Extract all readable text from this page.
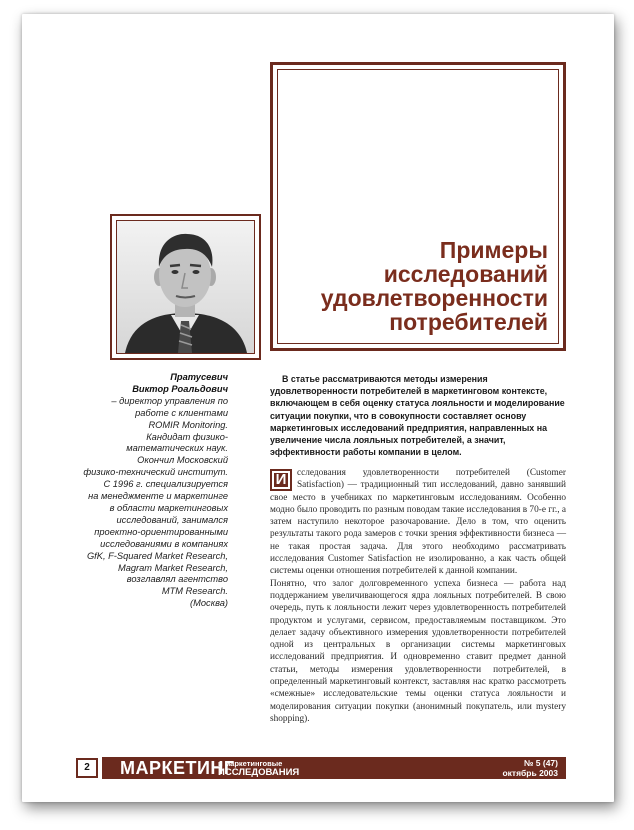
Примеры
исследований
удовлетворенности
потребителей
Пратусевич
Виктор Роальдович
– директор управления по
работе с клиентами
ROMIR Monitoring.
Кандидат физико-
математических наук.
Окончил Московский
физико-технический институт.
С 1996 г. специализируется
на менеджменте и маркетинге
в области маркетинговых
исследований, занимался
проектно-ориентированными
исследованиями в компаниях
GfK, F-Squared Market Research,
Magram Market Research,
возглавлял агентство
MTM Research.
(Москва)

В статье рассматриваются методы измерения удовлетворенности потребителей в маркетинговом контексте, включающем в себя оценку статуса лояльности и моделирование ситуации покупки, что в совокупности составляет основу маркетинговых исследований предприятия, направленных на увеличение числа лояльных потребителей, а значит, эффективности работы компании в целом.

И	сследования удовлетворенности потребителей (Customer Satisfaction) — традиционный тип исследований, давно занявший свое место в учебниках по маркетинговым исследованиям. Особенно модно было проводить по разным поводам такие исследования в 70-е гг., а затем наступило некоторое разочарование. Дело в том, что оценить результаты такого рода замеров с точки зрения эффективности бизнеса — не такая простая задача. Для этого необходимо рассматривать исследования Customer Satisfaction не изолированно, а как часть общей системы оценки отношения потребителей к данной компании.

Понятно, что залог долговременного успеха бизнеса — работа над поддержанием увеличивающегося ядра лояльных потребителей. В свою очередь, путь к лояльности лежит через удовлетворенность потребителей продуктом и услугами, сервисом, предоставляемым поставщиком. Это делает задачу объективного измерения удовлетворенности потребителей одной из центральных в организации системы маркетинговых исследований предприятия. И одновременно ставит предмет данной статьи, методы измерения удовлетворенности потребителей, в определенный маркетинговый контекст, заставляя нас кратко рассмотреть «смежные» исследовательские темы оценки статуса лояльности и моделирования ситуации покупки (анонимный покупатель, или mystery shopping).

2	МАРКЕТИНГ
и маркетинговые
ИССЛЕДОВАНИЯ
№ 5 (47)
октябрь 2003
